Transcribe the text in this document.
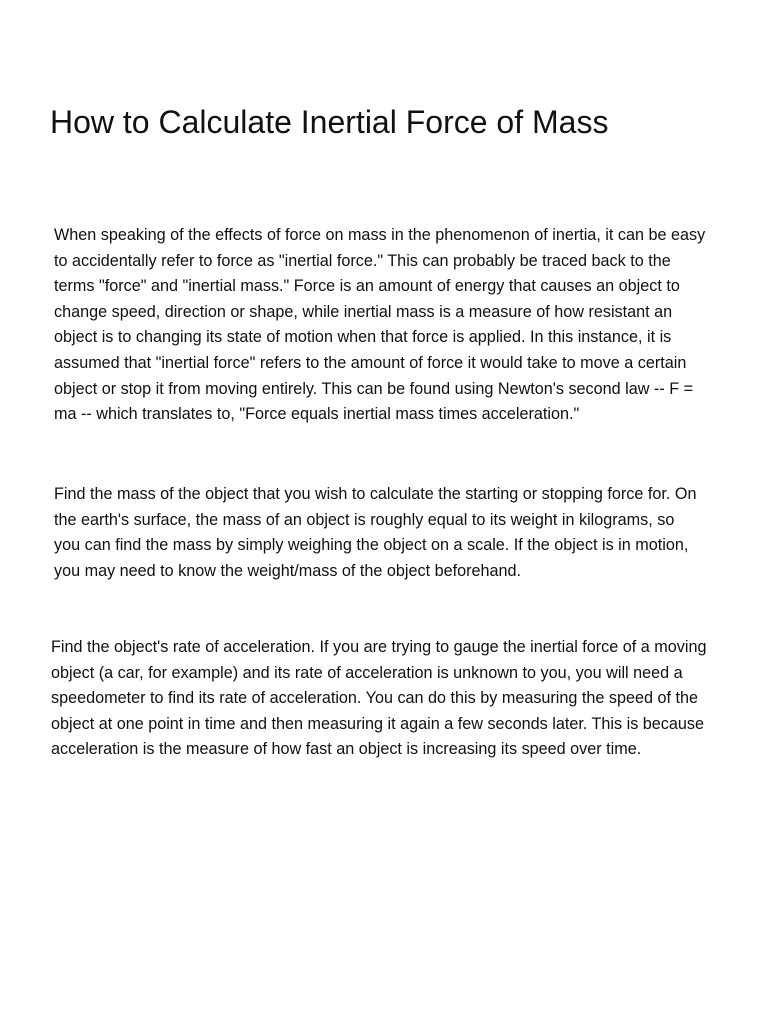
How to Calculate Inertial Force of Mass

When speaking of the effects of force on mass in the phenomenon of inertia, it can be easy to accidentally refer to force as "inertial force." This can probably be traced back to the terms "force" and "inertial mass." Force is an amount of energy that causes an object to change speed, direction or shape, while inertial mass is a measure of how resistant an object is to changing its state of motion when that force is applied. In this instance, it is assumed that "inertial force" refers to the amount of force it would take to move a certain object or stop it from moving entirely. This can be found using Newton's second law -- F = ma -- which translates to, "Force equals inertial mass times acceleration."

Find the mass of the object that you wish to calculate the starting or stopping force for. On the earth's surface, the mass of an object is roughly equal to its weight in kilograms, so you can find the mass by simply weighing the object on a scale. If the object is in motion, you may need to know the weight/mass of the object beforehand.

Find the object's rate of acceleration. If you are trying to gauge the inertial force of a moving object (a car, for example) and its rate of acceleration is unknown to you, you will need a speedometer to find its rate of acceleration. You can do this by measuring the speed of the object at one point in time and then measuring it again a few seconds later. This is because acceleration is the measure of how fast an object is increasing its speed over time.
